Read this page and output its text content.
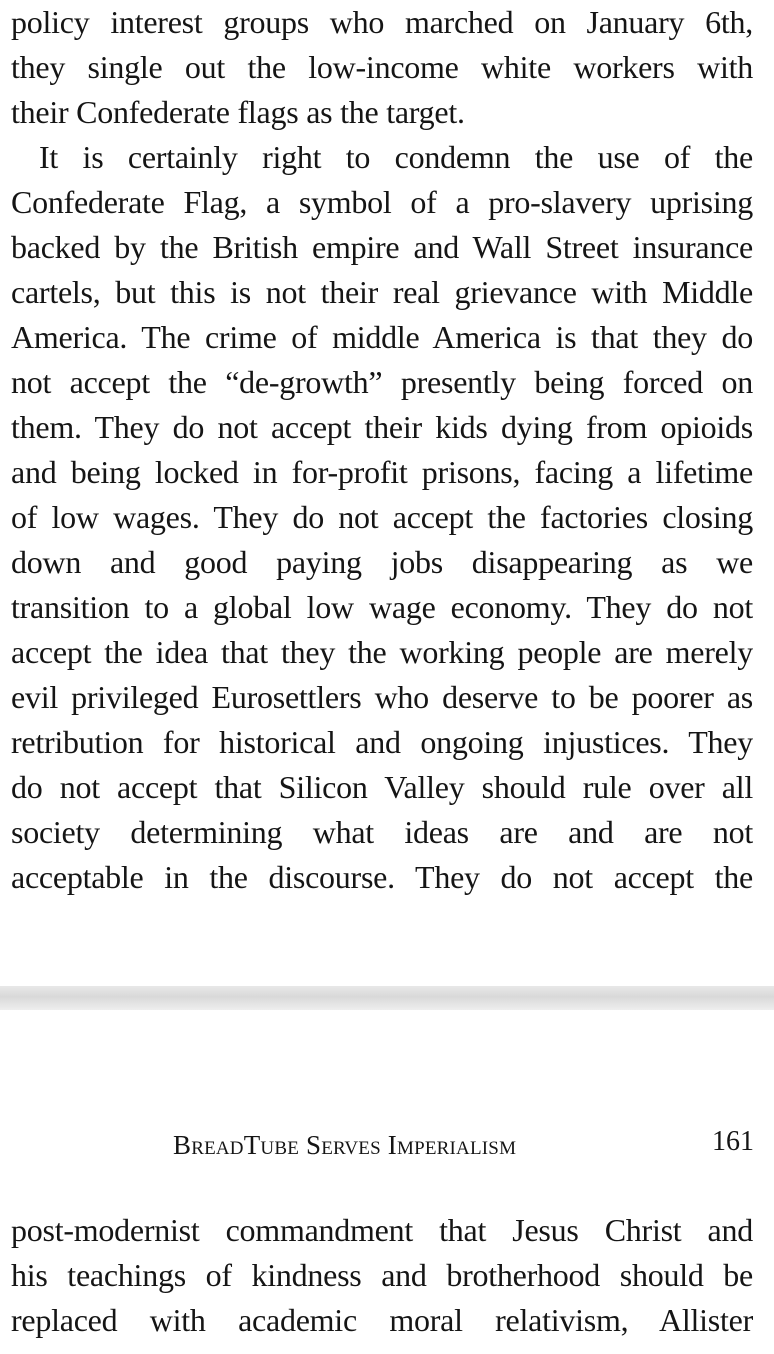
policy interest groups who marched on January 6th,
they single out the low-income white workers with
their Confederate flags as the target.
It is certainly right to condemn the use of the
Confederate Flag, a symbol of a pro-slavery uprising
backed by the British empire and Wall Street insurance
cartels, but this is not their real grievance with Middle
America. The crime of middle America is that they do
not accept the “de-growth” presently being forced on
them. They do not accept their kids dying from opioids
and being locked in for-profit prisons, facing a lifetime
of low wages. They do not accept the factories closing
down and good paying jobs disappearing as we
transition to a global low wage economy. They do not
accept the idea that they the working people are merely
evil privileged Eurosettlers who deserve to be poorer as
retribution for historical and ongoing injustices. They
do not accept that Silicon Valley should rule over all
society determining what ideas are and are not
acceptable in the discourse. They do not accept the
BreadTube Serves Imperialism	161
post-modernist commandment that Jesus Christ and
his teachings of kindness and brotherhood should be
replaced with academic moral relativism, Allister
